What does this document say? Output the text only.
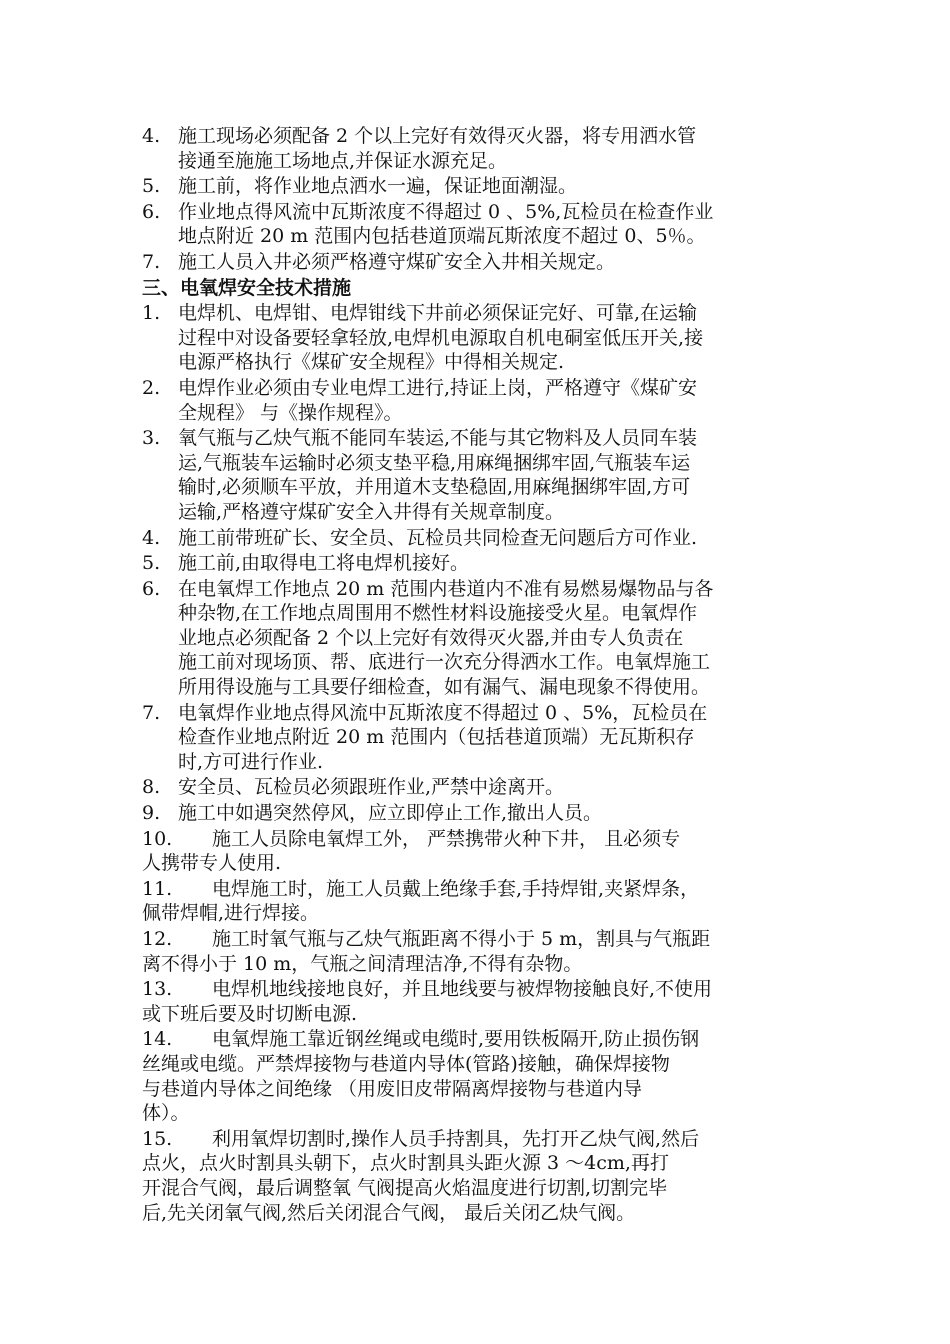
4. 施工现场必须配备 2 个以上完好有效得灭火器，将专用洒水管
接通至施施工场地点,并保证水源充足。
5. 施工前，将作业地点洒水一遍，保证地面潮湿。
6. 作业地点得风流中瓦斯浓度不得超过 0 、5%,瓦检员在检查作业
地点附近 20 m 范围内包括巷道顶端瓦斯浓度不超过 0、5％。
7. 施工人员入井必须严格遵守煤矿安全入井相关规定。
三、电氧焊安全技术措施
1. 电焊机、电焊钳、电焊钳线下井前必须保证完好、可靠,在运输
过程中对设备要轻拿轻放,电焊机电源取自机电硐室低压开关,接
电源严格执行《煤矿安全规程》中得相关规定.
2. 电焊作业必须由专业电焊工进行,持证上岗，严格遵守《煤矿安
全规程》 与《操作规程》。
3. 氧气瓶与乙炔气瓶不能同车装运,不能与其它物料及人员同车装
运,气瓶装车运输时必须支垫平稳,用麻绳捆绑牢固,气瓶装车运
输时,必须顺车平放，并用道木支垫稳固,用麻绳捆绑牢固,方可
运输,严格遵守煤矿安全入井得有关规章制度。
4. 施工前带班矿长、安全员、瓦检员共同检查无问题后方可作业.
5. 施工前,由取得电工将电焊机接好。
6. 在电氧焊工作地点 20 m 范围内巷道内不准有易燃易爆物品与各
种杂物,在工作地点周围用不燃性材料设施接受火星。电氧焊作
业地点必须配备 2 个以上完好有效得灭火器,并由专人负责在
施工前对现场顶、帮、底进行一次充分得洒水工作。电氧焊施工
所用得设施与工具要仔细检查，如有漏气、漏电现象不得使用。
7. 电氧焊作业地点得风流中瓦斯浓度不得超过 0 、5%，瓦检员在
检查作业地点附近 20 m 范围内（包括巷道顶端）无瓦斯积存
时,方可进行作业.
8. 安全员、瓦检员必须跟班作业,严禁中途离开。
9. 施工中如遇突然停风，应立即停止工作,撤出人员。
10.	施工人员除电氧焊工外， 严禁携带火种下井， 且必须专
人携带专人使用.
11.	电焊施工时，施工人员戴上绝缘手套,手持焊钳,夹紧焊条，
佩带焊帽,进行焊接。
12.	施工时氧气瓶与乙炔气瓶距离不得小于 5 m，割具与气瓶距
离不得小于 10 m，气瓶之间清理洁净,不得有杂物。
13.	电焊机地线接地良好，并且地线要与被焊物接触良好,不使用
或下班后要及时切断电源.
14.	电氧焊施工靠近钢丝绳或电缆时,要用铁板隔开,防止损伤钢
丝绳或电缆。严禁焊接物与巷道内导体(管路)接触，确保焊接物
与巷道内导体之间绝缘 （用废旧皮带隔离焊接物与巷道内导
体）。
15.	利用氧焊切割时,操作人员手持割具，先打开乙炔气阀,然后
点火，点火时割具头朝下，点火时割具头距火源 3 ～4cm,再打
开混合气阀，最后调整氧 气阀提高火焰温度进行切割,切割完毕
后,先关闭氧气阀,然后关闭混合气阀， 最后关闭乙炔气阀。
